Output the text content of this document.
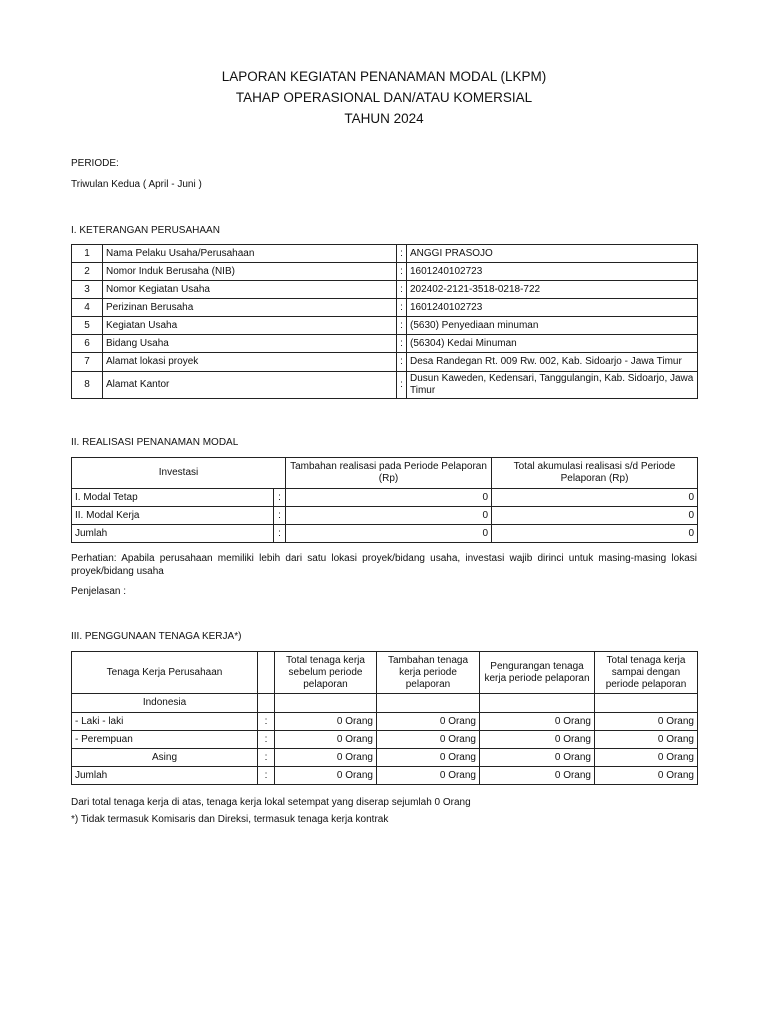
LAPORAN KEGIATAN PENANAMAN MODAL (LKPM)
TAHAP OPERASIONAL DAN/ATAU KOMERSIAL
TAHUN 2024
PERIODE:
Triwulan Kedua ( April - Juni )
I. KETERANGAN PERUSAHAAN
1	Nama Pelaku Usaha/Perusahaan	:	ANGGI PRASOJO
2	Nomor Induk Berusaha (NIB)	:	1601240102723
3	Nomor Kegiatan Usaha	:	202402-2121-3518-0218-722
4	Perizinan Berusaha	:	1601240102723
5	Kegiatan Usaha	:	(5630) Penyediaan minuman
6	Bidang Usaha	:	(56304) Kedai Minuman
7	Alamat lokasi proyek	:	Desa Randegan Rt. 009 Rw. 002, Kab. Sidoarjo - Jawa Timur
8	Alamat Kantor	:	Dusun Kaweden, Kedensari, Tanggulangin, Kab. Sidoarjo, Jawa Timur
II. REALISASI PENANAMAN MODAL
Investasi		Tambahan realisasi pada Periode Pelaporan (Rp)	Total akumulasi realisasi s/d Periode Pelaporan (Rp)
I. Modal Tetap	:	0	0
II. Modal Kerja	:	0	0
Jumlah	:	0	0
Perhatian: Apabila perusahaan memiliki lebih dari satu lokasi proyek/bidang usaha, investasi wajib dirinci untuk masing-masing lokasi proyek/bidang usaha
Penjelasan :
III. PENGGUNAAN TENAGA KERJA*)
Tenaga Kerja Perusahaan		Total tenaga kerja sebelum periode pelaporan	Tambahan tenaga kerja periode pelaporan	Pengurangan tenaga kerja periode pelaporan	Total tenaga kerja sampai dengan periode pelaporan
Indonesia					
- Laki - laki	:	0 Orang	0 Orang	0 Orang	0 Orang
- Perempuan	:	0 Orang	0 Orang	0 Orang	0 Orang
Asing	:	0 Orang	0 Orang	0 Orang	0 Orang
Jumlah	:	0 Orang	0 Orang	0 Orang	0 Orang
Dari total tenaga kerja di atas, tenaga kerja lokal setempat yang diserap sejumlah 0 Orang
*) Tidak termasuk Komisaris dan Direksi, termasuk tenaga kerja kontrak
